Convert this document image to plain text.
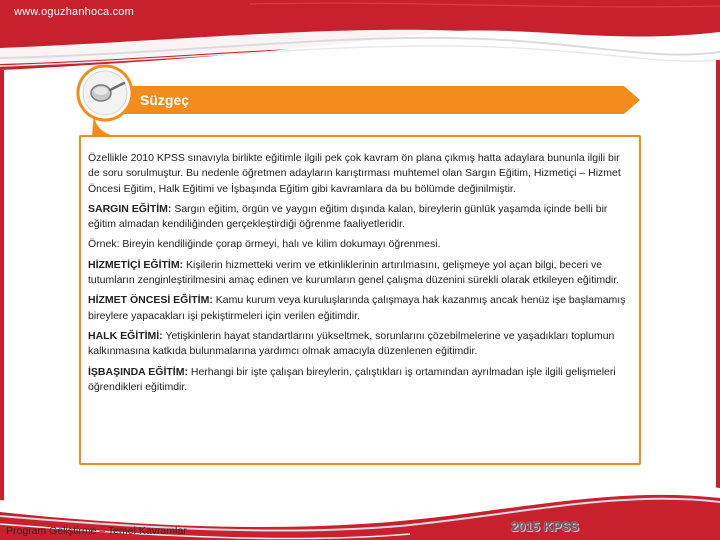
www.oguzhanhoca.com
Süzgeç

Özellikle 2010 KPSS sınavıyla birlikte eğitimle ilgili pek çok kavram ön plana çıkmış hatta adaylara bununla ilgili bir de soru sorulmuştur. Bu nedenle öğretmen adayların karıştırması muhtemel olan Sargın Eğitim, Hizmetiçi – Hizmet Öncesi Eğitim, Halk Eğitimi ve İşbaşında Eğitim gibi kavramlara da bu bölümde değinilmiştir.

SARGIN EĞİTİM: Sargın eğitim, örgün ve yaygın eğitim dışında kalan, bireylerin günlük yaşamda içinde belli bir eğitim almadan kendiliğinden gerçekleştirdiği öğrenme faaliyetleridir.

Örnek: Bireyin kendiliğinde çorap örmeyi, halı ve kilim dokumayı öğrenmesi.

HİZMETİÇİ EĞİTİM: Kişilerin hizmetteki verim ve etkinliklerinin artırılmasını, gelişmeye yol açan bilgi, beceri ve tutumların zenginleştirilmesini amaç edinen ve kurumların genel çalışma düzenini sürekli olarak etkileyen eğitimdir.

HİZMET ÖNCESİ EĞİTİM: Kamu kurum veya kuruluşlarında çalışmaya hak kazanmış ancak henüz işe başlamamış bireylere yapacakları işi pekiştirmeleri için verilen eğitimdir.

HALK EĞİTİMİ: Yetişkinlerin hayat standartlarını yükseltmek, sorunlarını çözebilmelerine ve yaşadıkları toplumun kalkınmasına katkıda bulunmalarına yardımcı olmak amacıyla düzenlenen eğitimdir.

İŞBAŞINDA EĞİTİM: Herhangi bir işte çalışan bireylerin, çalıştıkları iş ortamından ayrılmadan işle ilgili gelişmeleri öğrendikleri eğitimdir.

Program Geliştirme – Temel Kavramlar	2015 KPSS
